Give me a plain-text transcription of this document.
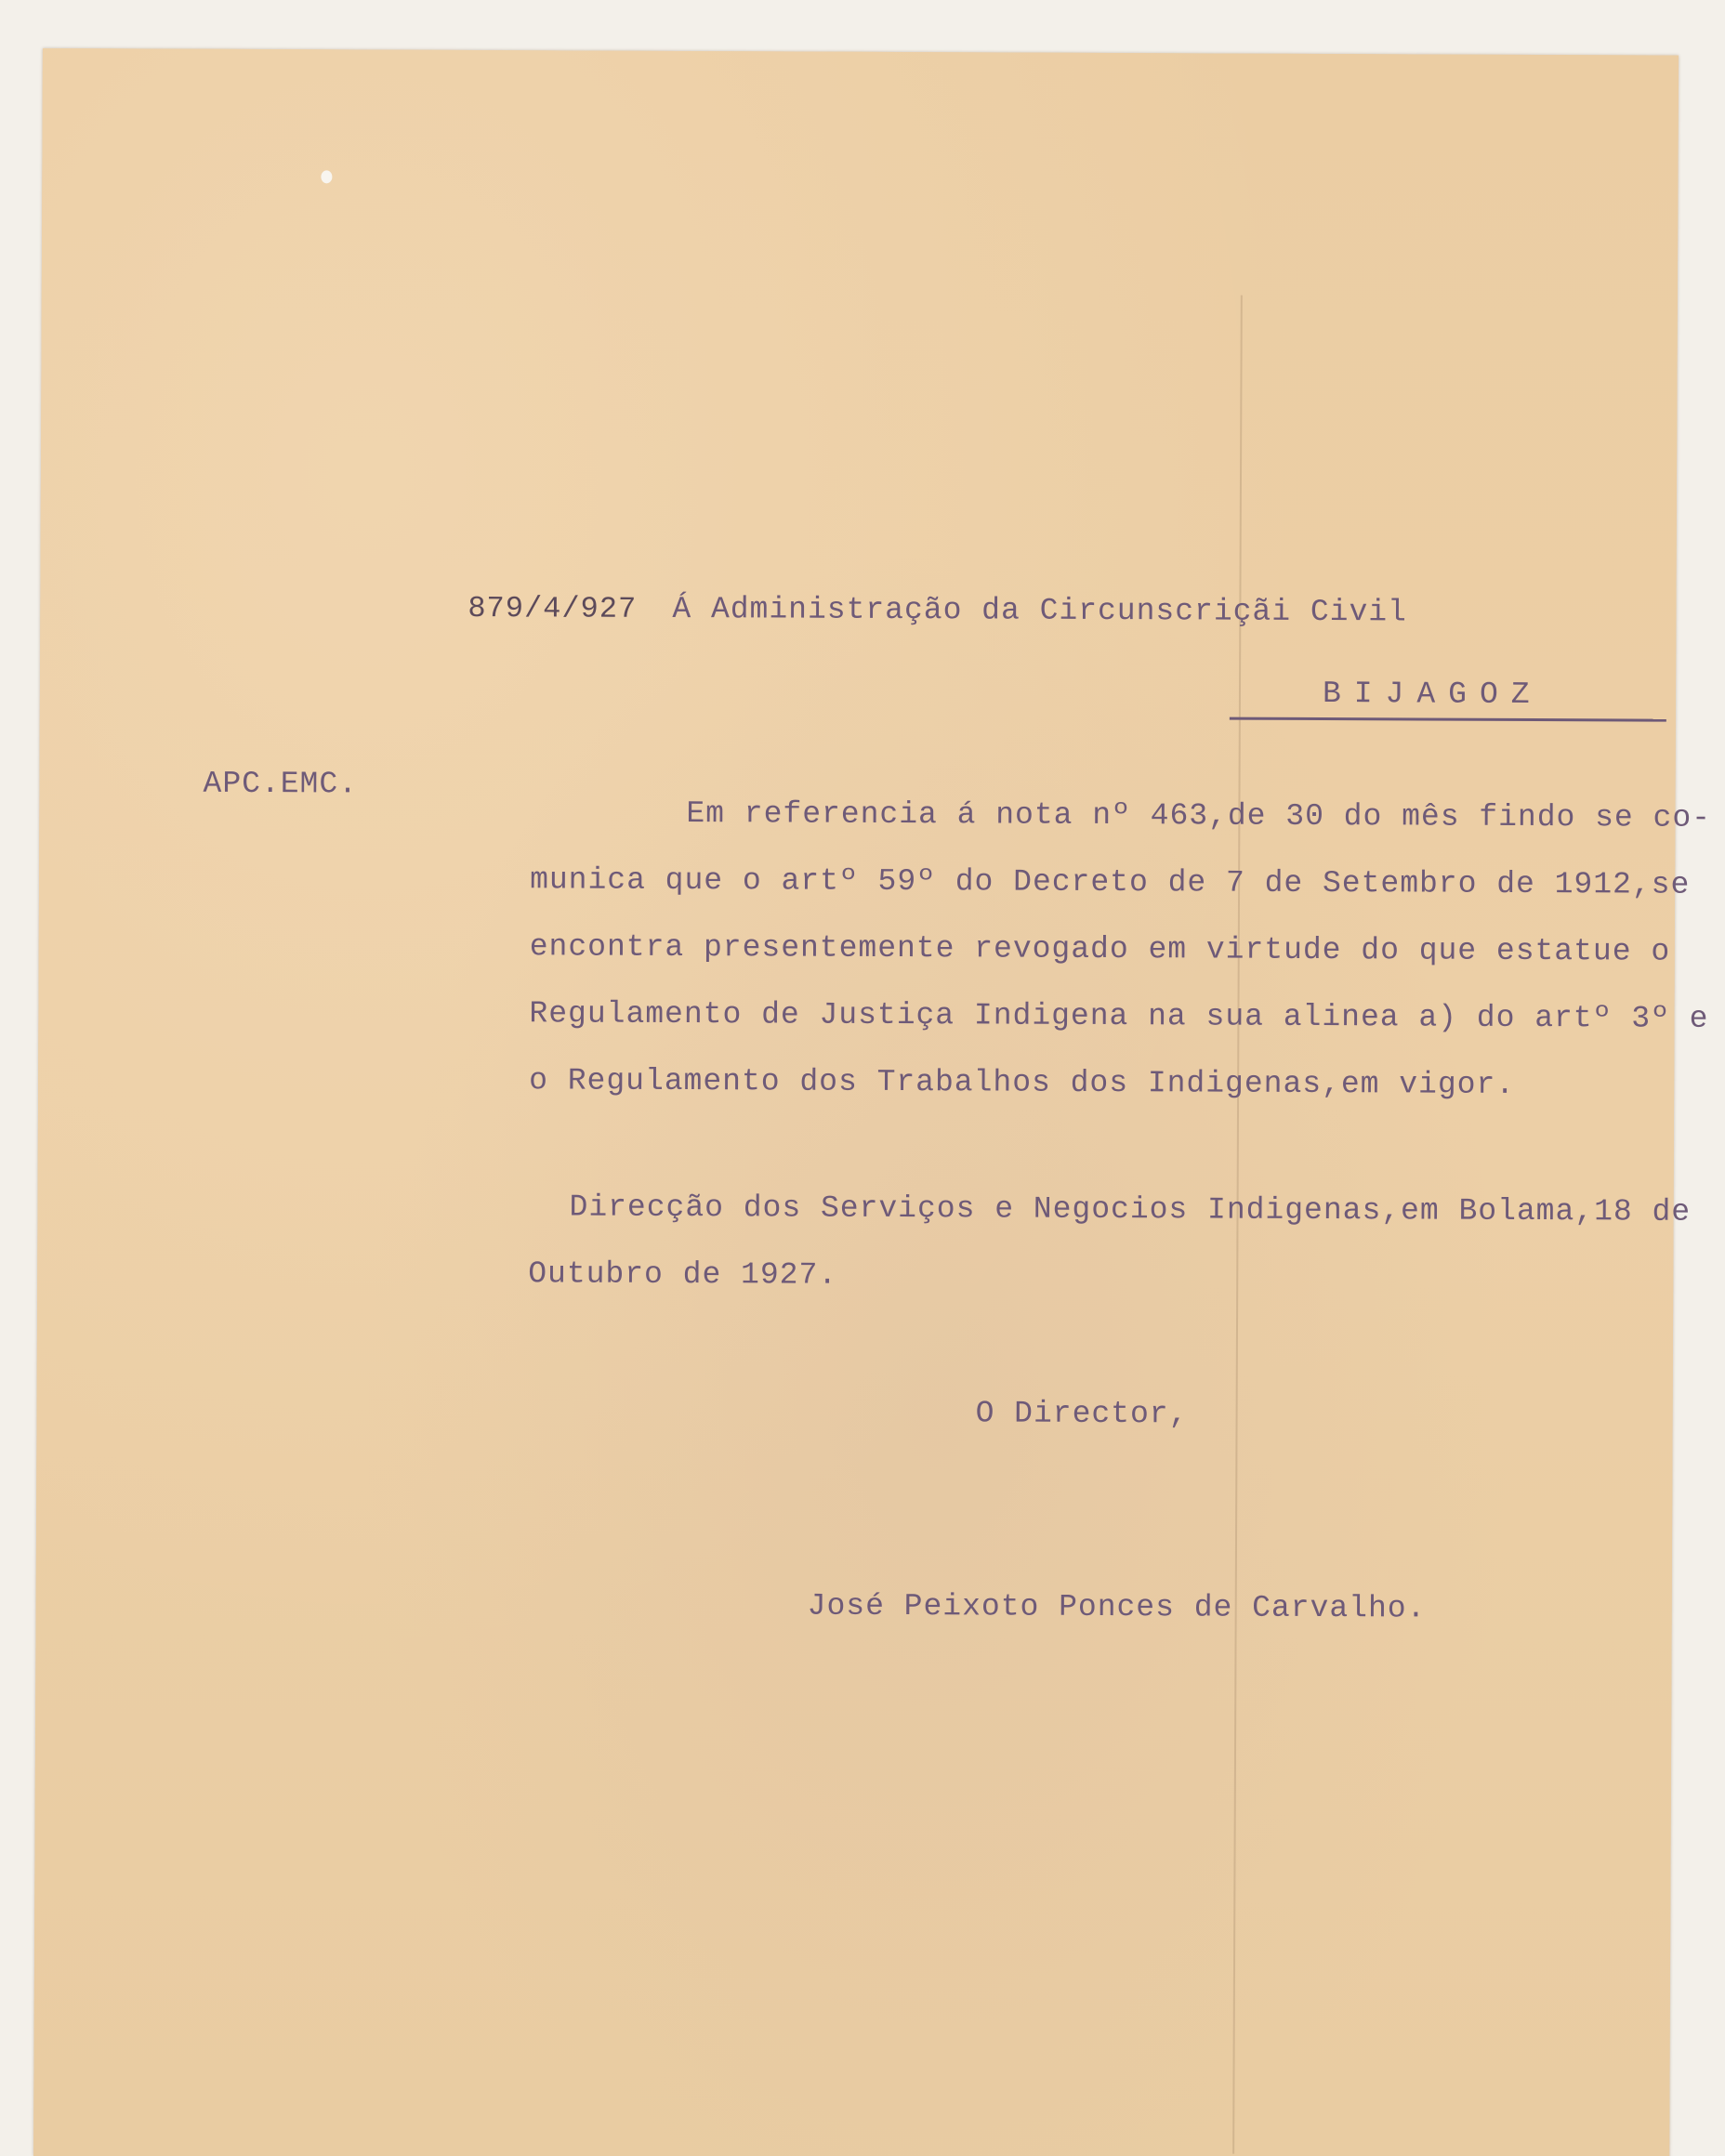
879/4/927 Á Administração da Circunscriçãi Civil
BIJAGOZ
APC.EMC.
Em referencia á nota nº 463,de 30 do mês findo se co-
munica que o artº 59º do Decreto de 7 de Setembro de 1912,se
encontra presentemente revogado em virtude do que estatue o
Regulamento de Justiça Indigena na sua alinea a) do artº 3º e
o Regulamento dos Trabalhos dos Indigenas,em vigor.
Direcção dos Serviços e Negocios Indigenas,em Bolama,18 de
Outubro de 1927.
O Director,
José Peixoto Ponces de Carvalho.
